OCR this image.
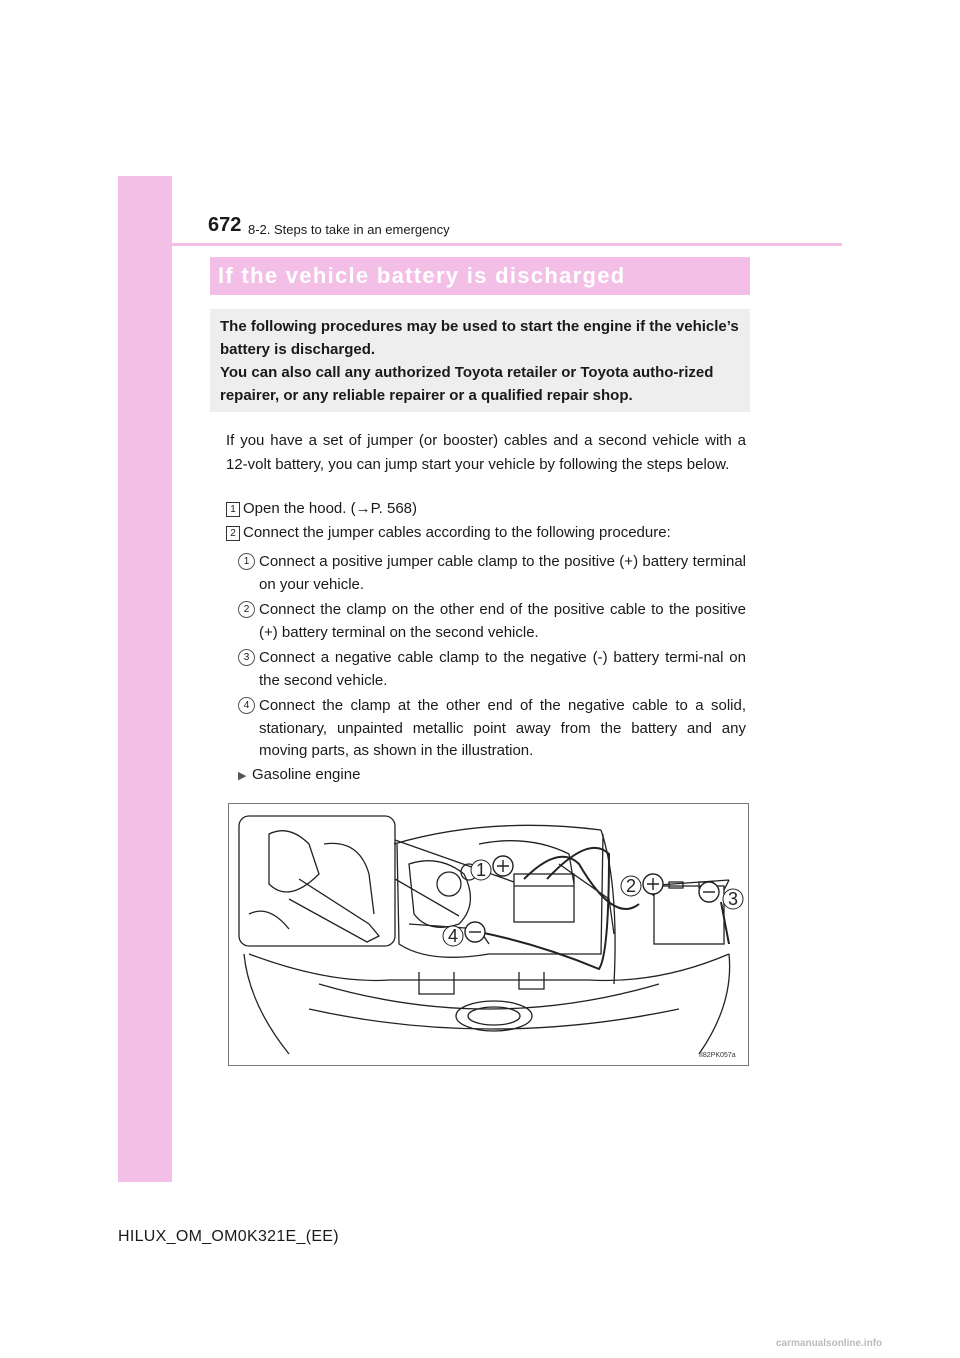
672 8-2. Steps to take in an emergency
If the vehicle battery is discharged

The following procedures may be used to start the engine if the vehicle’s battery is discharged.

You can also call any authorized Toyota retailer or Toyota autho-rized repairer, or any reliable repairer or a qualified repair shop.

If you have a set of jumper (or booster) cables and a second vehicle with a 12-volt battery, you can jump start your vehicle by following the steps below.
1 Open the hood. (→P. 568)
2 Connect the jumper cables according to the following procedure:
1 Connect a positive jumper cable clamp to the positive (+) battery terminal on your vehicle.
2 Connect the clamp on the other end of the positive cable to the positive (+) battery terminal on the second vehicle.
3 Connect a negative cable clamp to the negative (-) battery termi-nal on the second vehicle.
4 Connect the clamp at the other end of the negative cable to a solid, stationary, unpainted metallic point away from the battery and any moving parts, as shown in the illustration.
▶ Gasoline engine
1
2
3
4
II82PK057a
HILUX_OM_OM0K321E_(EE)
carmanualsonline.info
